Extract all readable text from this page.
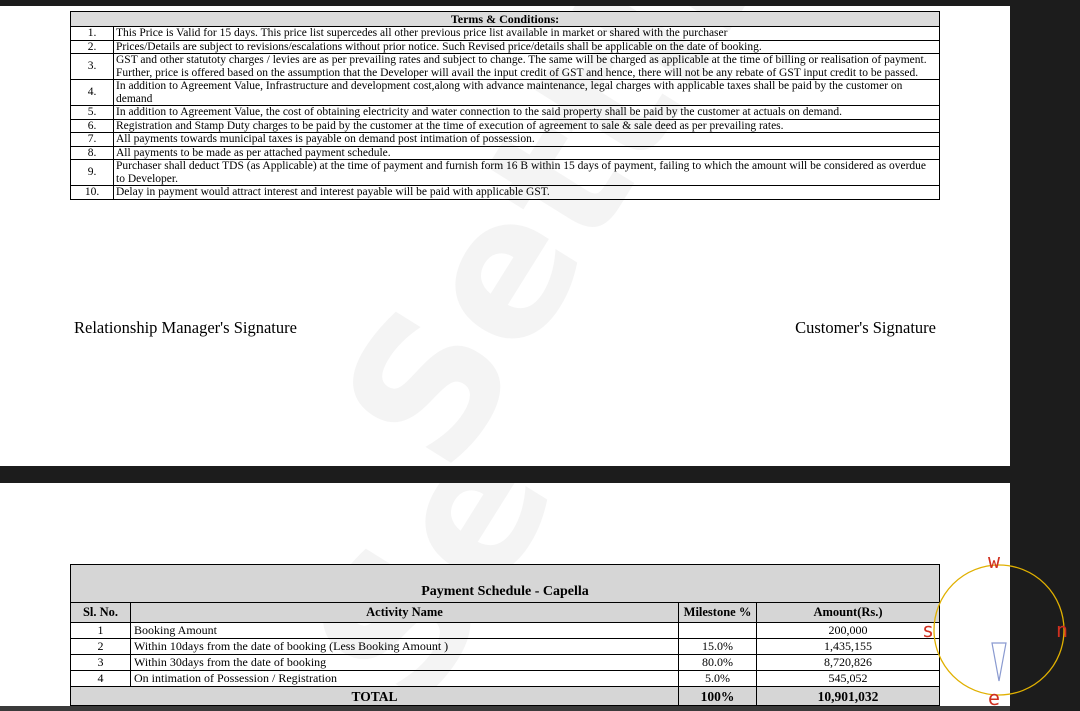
Terms & Conditions:	
1.	This Price is Valid for 15 days. This price list supercedes all other previous price list available in market or shared with the purchaser
2.	Prices/Details are subject to revisions/escalations without prior notice. Such Revised price/details shall be applicable on the date of booking.
3.	GST and other statutoty charges / levies are as per prevailing rates and subject to change. The same will be charged as applicable at the time of billing or realisation of payment. Further, price is offered based on the assumption that the Developer will avail the input credit of GST and hence, there will not be any rebate of GST input credit to be passed.
4.	In addition to Agreement Value, Infrastructure and development cost,along with advance maintenance, legal charges with applicable taxes shall be paid by the customer on demand
5.	In addition to Agreement Value, the cost of obtaining electricity and water connection to the said property shall be paid by the customer at actuals on demand.
6.	Registration and Stamp Duty charges to be paid by the customer at the time of execution of agreement to sale & sale deed as per prevailing rates.
7.	All payments towards municipal taxes is payable on demand post intimation of possession.
8.	All payments to be made as per attached payment schedule.
9.	Purchaser shall deduct TDS (as Applicable) at the time of payment and furnish form 16 B within 15 days of payment, failing to which the amount will be considered as overdue to Developer.
10.	Delay in payment would attract interest and interest payable will be paid with applicable GST.
Relationship Manager's Signature	Customer's Signature
Payment Schedule - Capella			
Sl. No.	Activity Name	Milestone %	Amount(Rs.)
1	Booking Amount		200,000
2	Within 10days from the date of booking (Less Booking Amount )	15.0%	1,435,155
3	Within 30days from the date of booking	80.0%	8,720,826
4	On intimation of Possession / Registration	5.0%	545,052
TOTAL		100%	10,901,032
w
s	n
e
